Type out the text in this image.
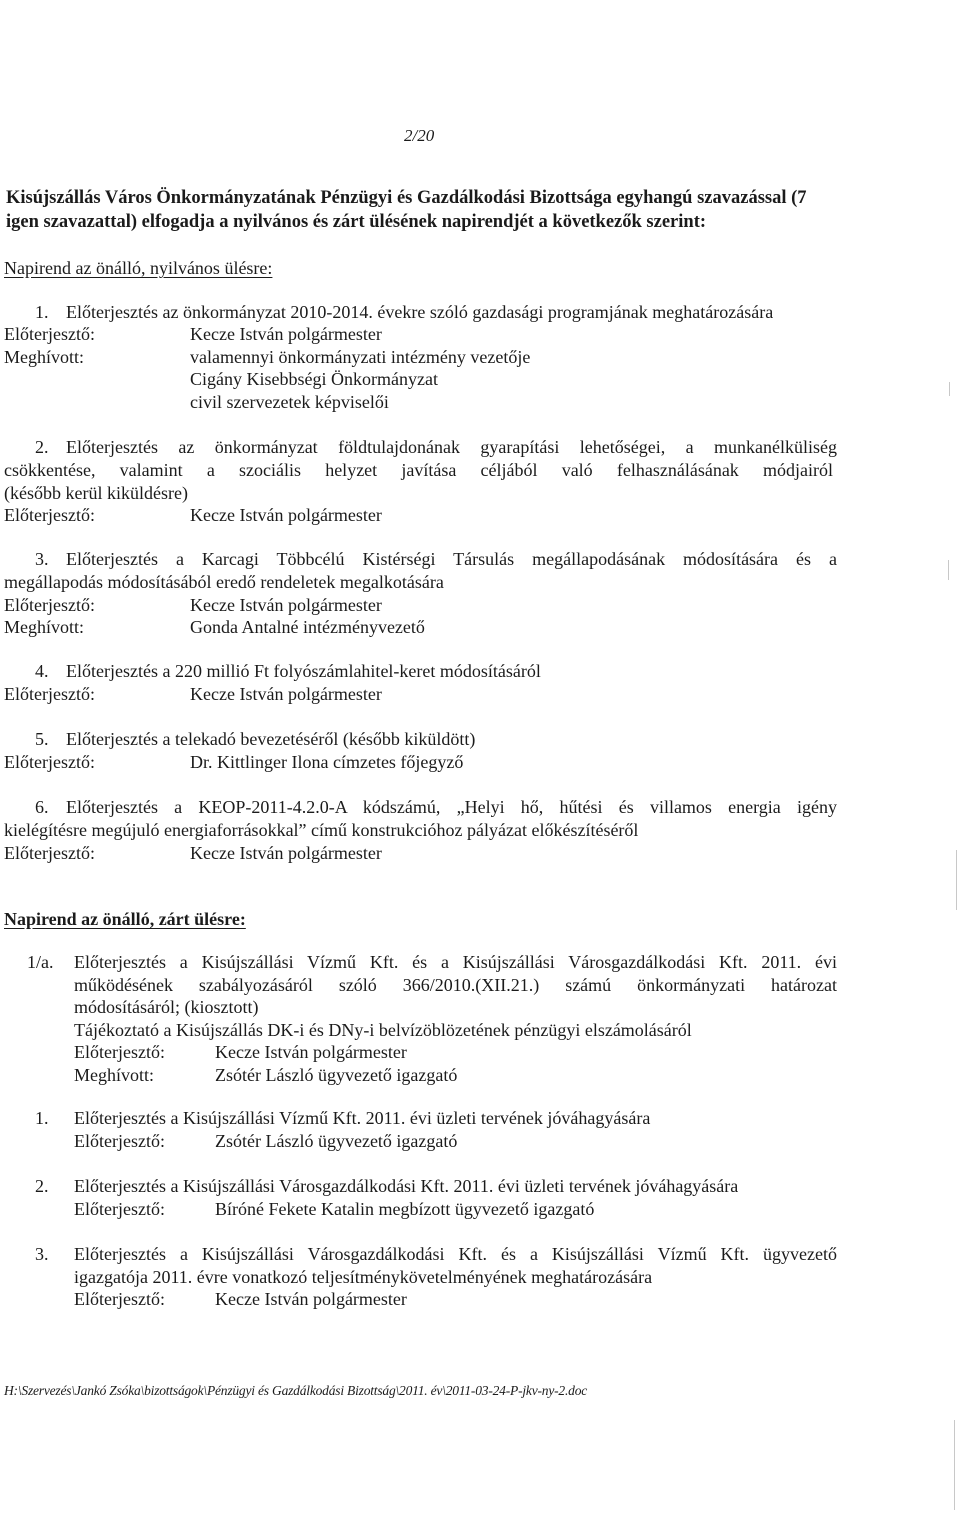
2/20
Kisújszállás Város Önkormányzatának Pénzügyi és Gazdálkodási Bizottsága egyhangú szavazással (7 igen szavazattal) elfogadja a nyilvános és zárt ülésének napirendjét a következők szerint:
Napirend az önálló, nyilvános ülésre:
1. Előterjesztés az önkormányzat 2010-2014. évekre szóló gazdasági programjának meghatározására
Előterjesztő:	Kecze István polgármester
Meghívott:	valamennyi önkormányzati intézmény vezetője
Cigány Kisebbségi Önkormányzat
civil szervezetek képviselői
2. Előterjesztés az önkormányzat földtulajdonának gyarapítási lehetőségei, a munkanélküliség
csökkentése, valamint a szociális helyzet javítása céljából való felhasználásának módjairól
(később kerül kiküldésre)
Előterjesztő:	Kecze István polgármester
3. Előterjesztés a Karcagi Többcélú Kistérségi Társulás megállapodásának módosítására és a
megállapodás módosításából eredő rendeletek megalkotására
Előterjesztő:	Kecze István polgármester
Meghívott:	Gonda Antalné intézményvezető
4. Előterjesztés a 220 millió Ft folyószámlahitel-keret módosításáról
Előterjesztő:	Kecze István polgármester
5. Előterjesztés a telekadó bevezetéséről (később kiküldött)
Előterjesztő:	Dr. Kittlinger Ilona címzetes főjegyző
6. Előterjesztés a KEOP-2011-4.2.0-A kódszámú, „Helyi hő, hűtési és villamos energia igény
kielégítésre megújuló energiaforrásokkal” című konstrukcióhoz pályázat előkészítéséről
Előterjesztő:	Kecze István polgármester
Napirend az önálló, zárt ülésre:
1/a. Előterjesztés a Kisújszállási Vízmű Kft. és a Kisújszállási Városgazdálkodási Kft. 2011. évi
működésének szabályozásáról szóló 366/2010.(XII.21.) számú önkormányzati határozat
módosításáról; (kiosztott)
Tájékoztató a Kisújszállás DK-i és DNy-i belvízöblözetének pénzügyi elszámolásáról
Előterjesztő:	Kecze István polgármester
Meghívott:	Zsótér László ügyvezető igazgató
1. Előterjesztés a Kisújszállási Vízmű Kft. 2011. évi üzleti tervének jóváhagyására
Előterjesztő:	Zsótér László ügyvezető igazgató
2. Előterjesztés a Kisújszállási Városgazdálkodási Kft. 2011. évi üzleti tervének jóváhagyására
Előterjesztő:	Bíróné Fekete Katalin megbízott ügyvezető igazgató
3. Előterjesztés a Kisújszállási Városgazdálkodási Kft. és a Kisújszállási Vízmű Kft. ügyvezető
igazgatója 2011. évre vonatkozó teljesítménykövetelményének meghatározására
Előterjesztő:	Kecze István polgármester
H:\Szervezés\Jankó Zsóka\bizottságok\Pénzügyi és Gazdálkodási Bizottság\2011. év\2011-03-24-P-jkv-ny-2.doc
